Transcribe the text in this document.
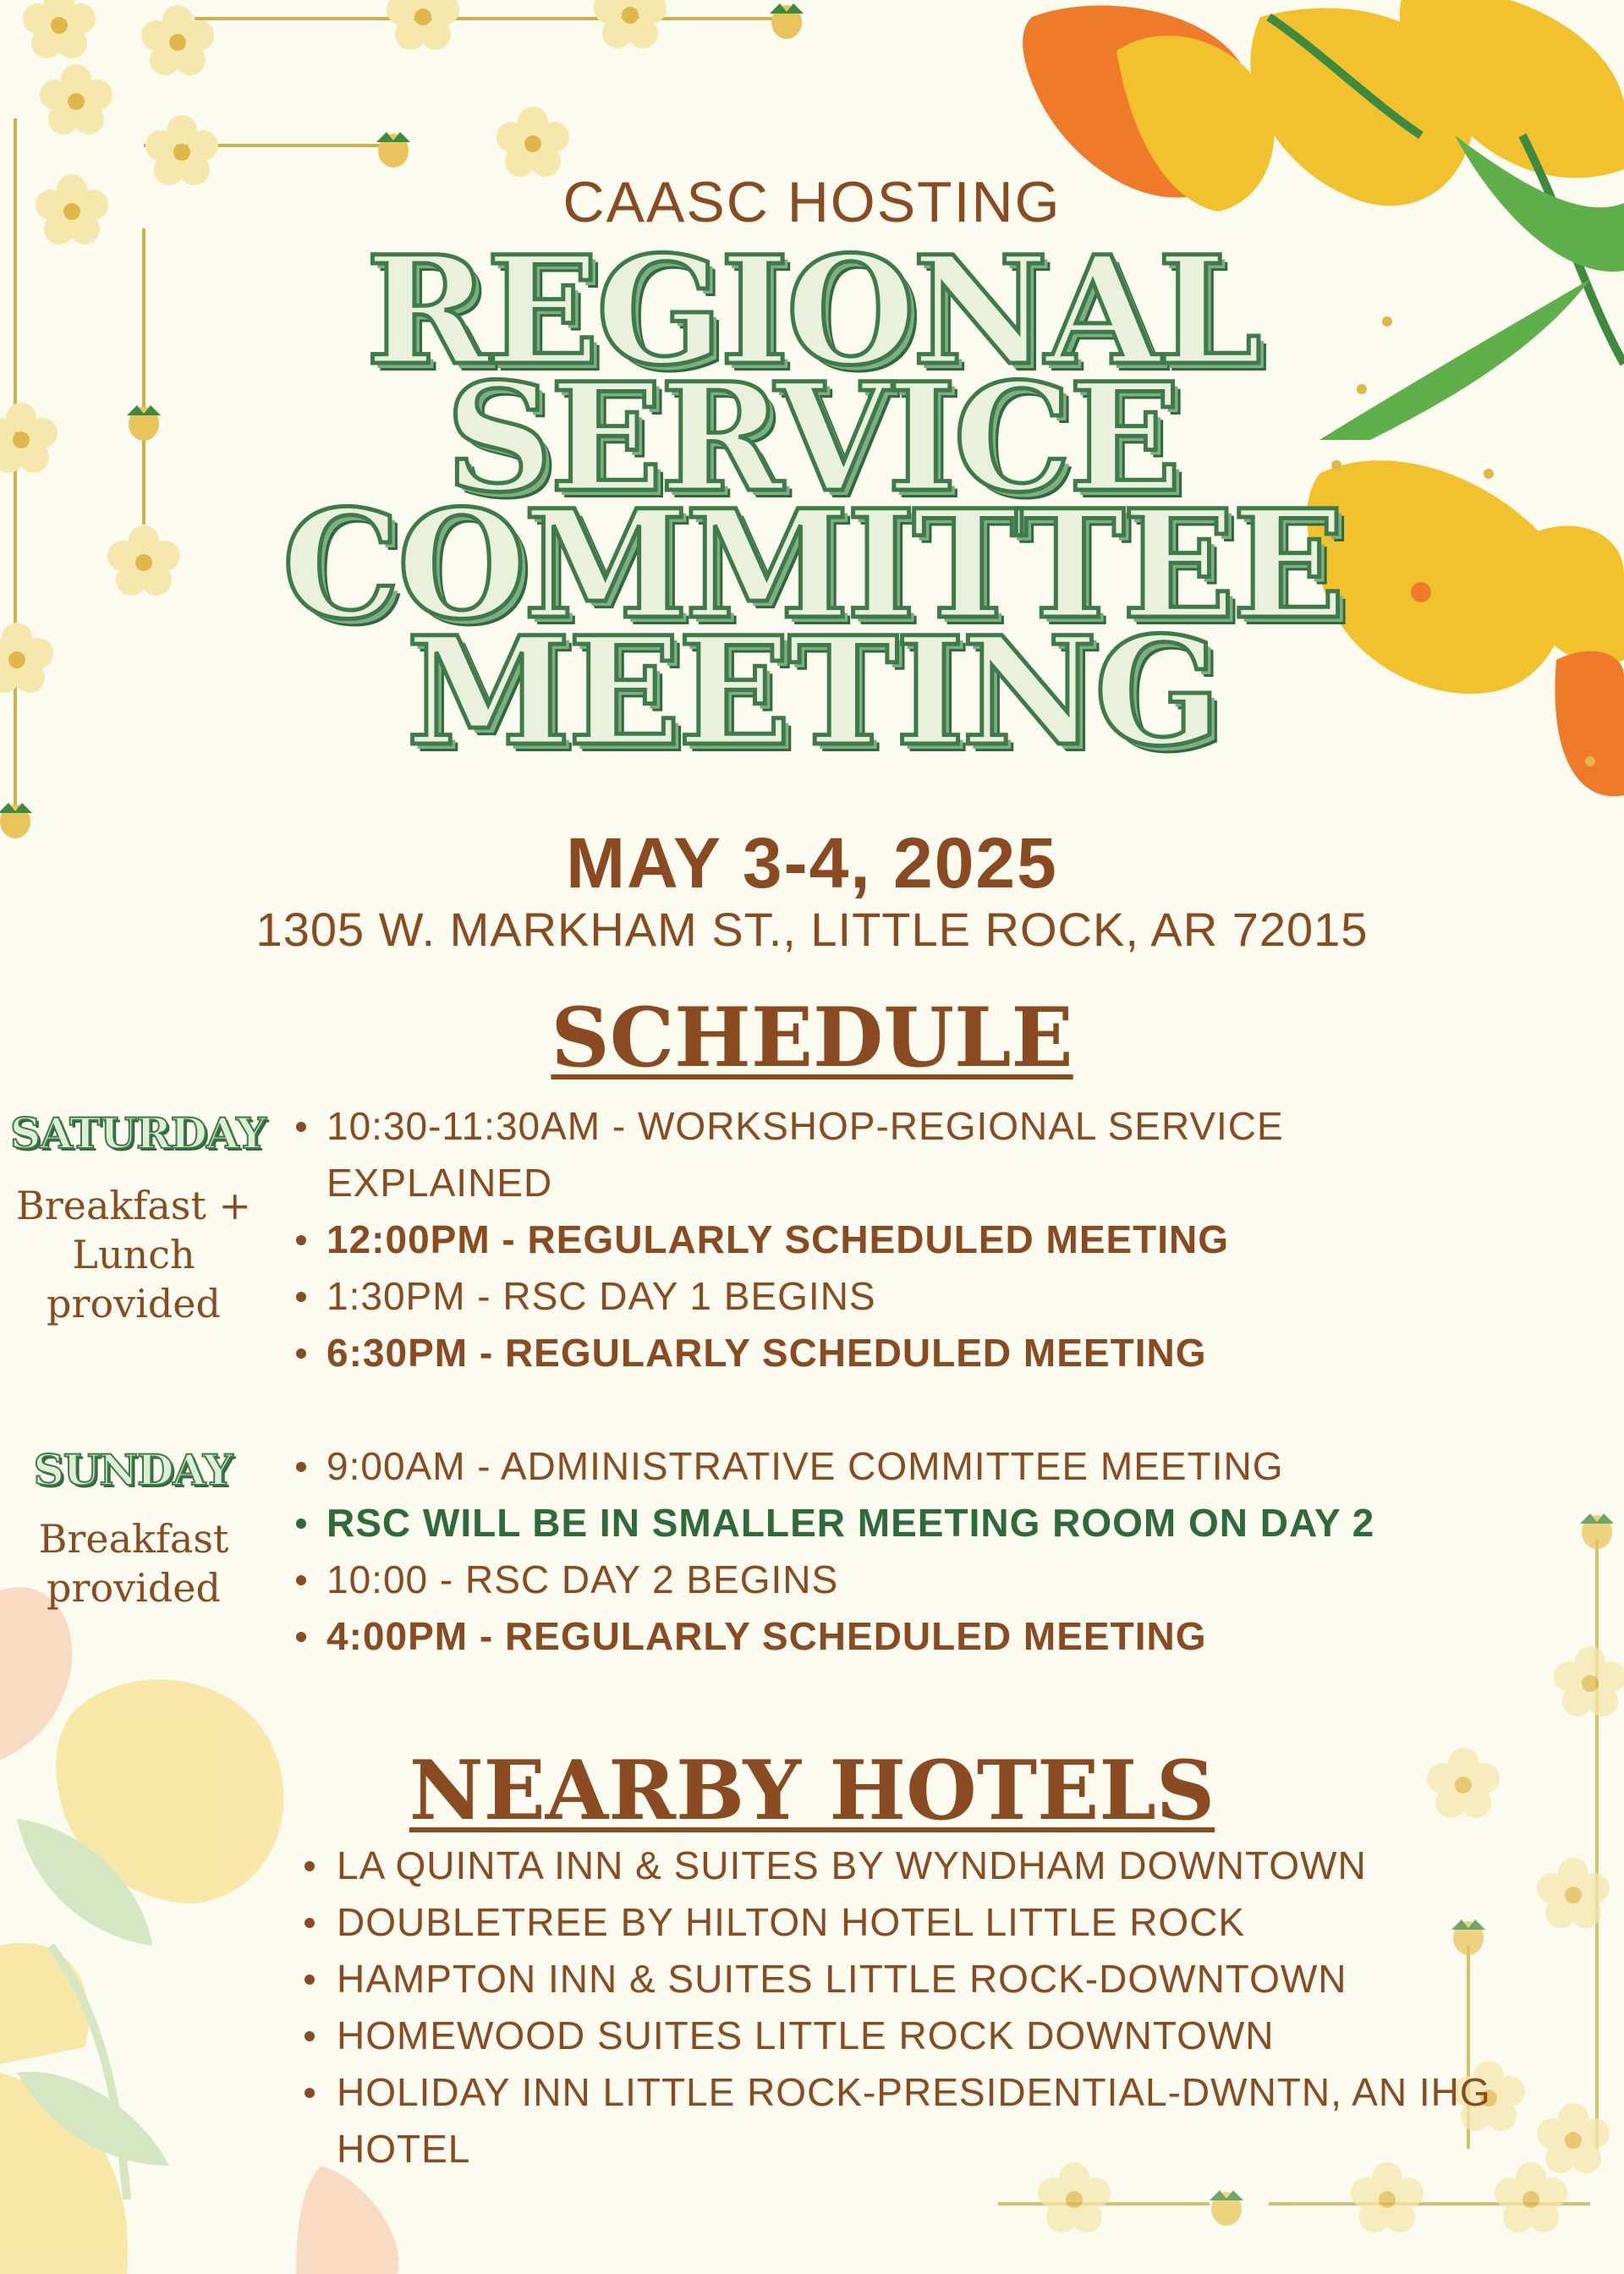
CAASC HOSTING
REGIONAL
SERVICE
COMMITTEE
MEETING
MAY 3-4, 2025
1305 W. MARKHAM ST., LITTLE ROCK, AR 72015
SCHEDULE
SATURDAY
Breakfast +
Lunch
provided
10:30-11:30AM - WORKSHOP-REGIONAL SERVICE EXPLAINED
12:00PM - REGULARLY SCHEDULED MEETING
1:30PM - RSC DAY 1 BEGINS
6:30PM - REGULARLY SCHEDULED MEETING
SUNDAY
Breakfast
provided
9:00AM - ADMINISTRATIVE COMMITTEE MEETING
RSC WILL BE IN SMALLER MEETING ROOM ON DAY 2
10:00 - RSC DAY 2 BEGINS
4:00PM - REGULARLY SCHEDULED MEETING
NEARBY HOTELS
LA QUINTA INN & SUITES BY WYNDHAM DOWNTOWN
DOUBLETREE BY HILTON HOTEL LITTLE ROCK
HAMPTON INN & SUITES LITTLE ROCK-DOWNTOWN
HOMEWOOD SUITES LITTLE ROCK DOWNTOWN
HOLIDAY INN LITTLE ROCK-PRESIDENTIAL-DWNTN, AN IHG HOTEL
